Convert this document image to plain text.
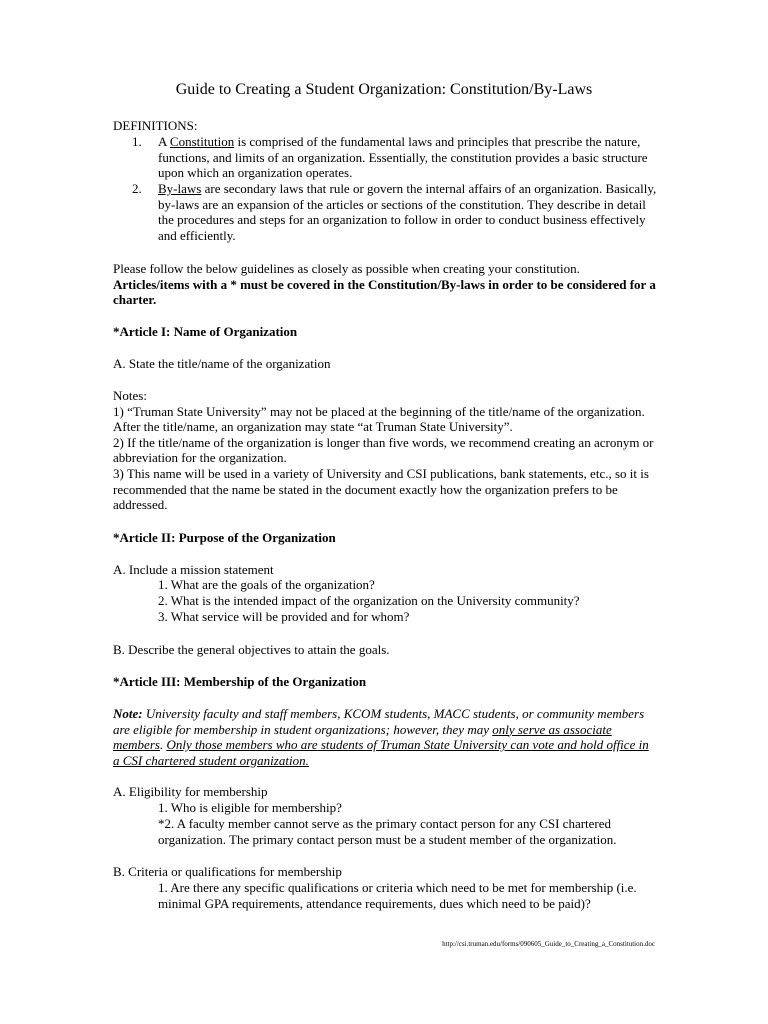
Guide to Creating a Student Organization: Constitution/By-Laws

DEFINITIONS:

1. A Constitution is comprised of the fundamental laws and principles that prescribe the nature, functions, and limits of an organization. Essentially, the constitution provides a basic structure upon which an organization operates.

2. By-laws are secondary laws that rule or govern the internal affairs of an organization. Basically, by-laws are an expansion of the articles or sections of the constitution. They describe in detail the procedures and steps for an organization to follow in order to conduct business effectively and efficiently.

Please follow the below guidelines as closely as possible when creating your constitution.
Articles/items with a * must be covered in the Constitution/By-laws in order to be considered for a charter.

*Article I: Name of Organization

A. State the title/name of the organization

Notes:
1) “Truman State University” may not be placed at the beginning of the title/name of the organization. After the title/name, an organization may state “at Truman State University”.
2) If the title/name of the organization is longer than five words, we recommend creating an acronym or abbreviation for the organization.
3) This name will be used in a variety of University and CSI publications, bank statements, etc., so it is recommended that the name be stated in the document exactly how the organization prefers to be addressed.

*Article II: Purpose of the Organization

A. Include a mission statement

1. What are the goals of the organization?

2. What is the intended impact of the organization on the University community?

3. What service will be provided and for whom?

B. Describe the general objectives to attain the goals.

*Article III: Membership of the Organization

Note: University faculty and staff members, KCOM students, MACC students, or community members are eligible for membership in student organizations; however, they may only serve as associate members. Only those members who are students of Truman State University can vote and hold office in a CSI chartered student organization.

A. Eligibility for membership

1. Who is eligible for membership?

*2. A faculty member cannot serve as the primary contact person for any CSI chartered organization. The primary contact person must be a student member of the organization.

B. Criteria or qualifications for membership

1. Are there any specific qualifications or criteria which need to be met for membership (i.e. minimal GPA requirements, attendance requirements, dues which need to be paid)?

http://csi.truman.edu/forms/090605_Guide_to_Creating_a_Constitution.doc
